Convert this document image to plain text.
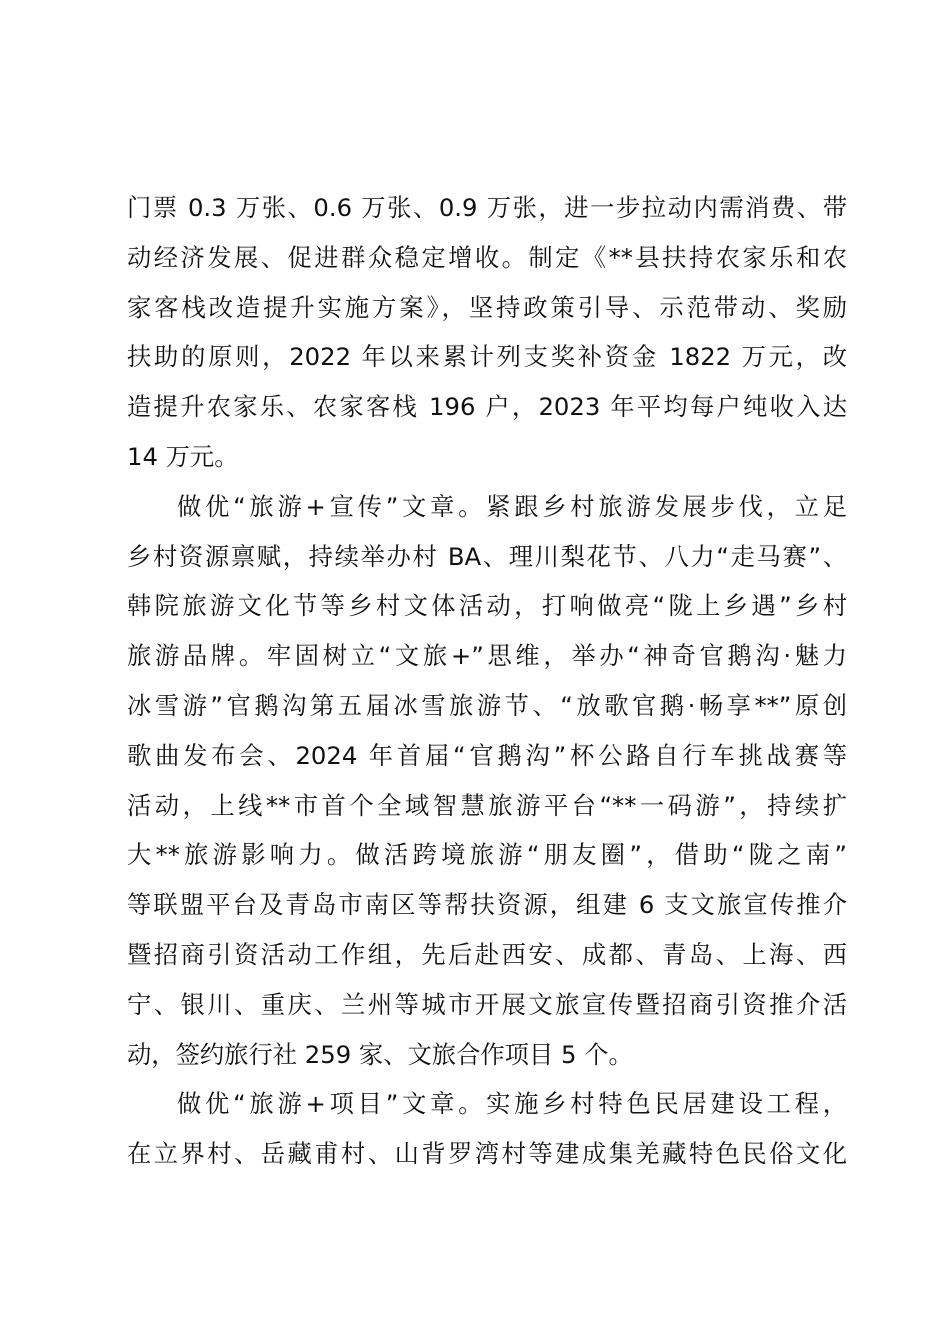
门票 0.3 万张、0.6 万张、0.9 万张，进一步拉动内需消费、带
动经济发展、促进群众稳定增收。制定《**县扶持农家乐和农
家客栈改造提升实施方案》，坚持政策引导、示范带动、奖励
扶助的原则，2022 年以来累计列支奖补资金 1822 万元，改
造提升农家乐、农家客栈 196 户，2023 年平均每户纯收入达
14 万元。
做优“旅游+宣传”文章。紧跟乡村旅游发展步伐，立足
乡村资源禀赋，持续举办村 BA、理川梨花节、八力“走马赛”、
韩院旅游文化节等乡村文体活动，打响做亮“陇上乡遇”乡村
旅游品牌。牢固树立“文旅+”思维，举办“神奇官鹅沟·魅力
冰雪游”官鹅沟第五届冰雪旅游节、“放歌官鹅·畅享**”原创
歌曲发布会、2024 年首届“官鹅沟”杯公路自行车挑战赛等
活动，上线**市首个全域智慧旅游平台“**一码游”，持续扩
大**旅游影响力。做活跨境旅游“朋友圈”，借助“陇之南”
等联盟平台及青岛市南区等帮扶资源，组建 6 支文旅宣传推介
暨招商引资活动工作组，先后赴西安、成都、青岛、上海、西
宁、银川、重庆、兰州等城市开展文旅宣传暨招商引资推介活
动，签约旅行社 259 家、文旅合作项目 5 个。
做优“旅游+项目”文章。实施乡村特色民居建设工程，
在立界村、岳藏甫村、山背罗湾村等建成集羌藏特色民俗文化
